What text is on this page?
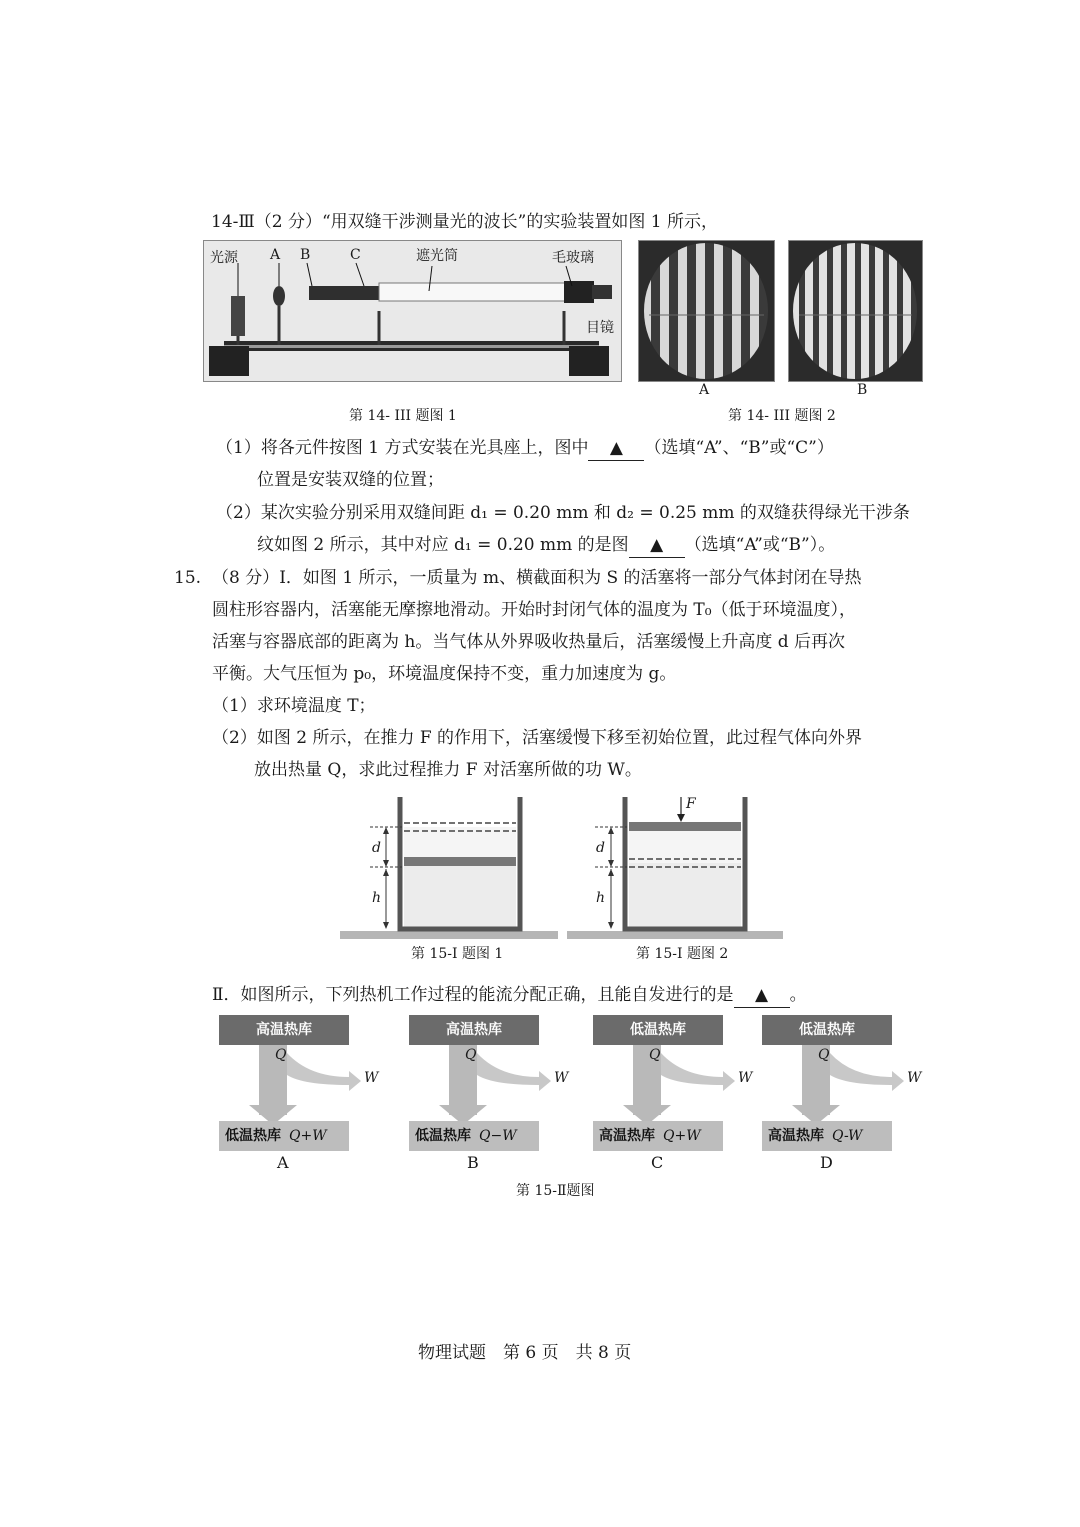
14-Ⅲ（2 分）“用双缝干涉测量光的波长”的实验装置如图 1 所示，
光源 A B	C	遮光筒	毛玻璃
目镜
A	B
第 14- III 题图 1	第 14- III 题图 2
（1）将各元件按图 1 方式安装在光具座上，图中 ▲ （选填“A”、“B”或“C”）
位置是安装双缝的位置；
（2）某次实验分别采用双缝间距 d₁ = 0.20 mm 和 d₂ = 0.25 mm 的双缝获得绿光干涉条
纹如图 2 所示，其中对应 d₁ = 0.20 mm 的是图 ▲ （选填“A”或“B”）。
15. （8 分）I．如图 1 所示，一质量为 m、横截面积为 S 的活塞将一部分气体封闭在导热
圆柱形容器内，活塞能无摩擦地滑动。开始时封闭气体的温度为 T₀（低于环境温度），
活塞与容器底部的距离为 h。当气体从外界吸收热量后，活塞缓慢上升高度 d 后再次
平衡。大气压恒为 p₀，环境温度保持不变，重力加速度为 g。
（1）求环境温度 T；
（2）如图 2 所示，在推力 F 的作用下，活塞缓慢下移至初始位置，此过程气体向外界
放出热量 Q，求此过程推力 F 对活塞所做的功 W。
d
h
d
h
F
第 15-I 题图 1	第 15-I 题图 2
Ⅱ．如图所示，下列热机工作过程的能流分配正确，且能自发进行的是 ▲ 。
高温热库
Q
W
低温热库 Q+W
A
高温热库
Q
W
低温热库 Q−W
B
低温热库
Q
W
高温热库 Q+W
C
低温热库
Q
W
高温热库 Q-W
D
第 15-Ⅱ题图
物理试题　第 6 页　共 8 页
